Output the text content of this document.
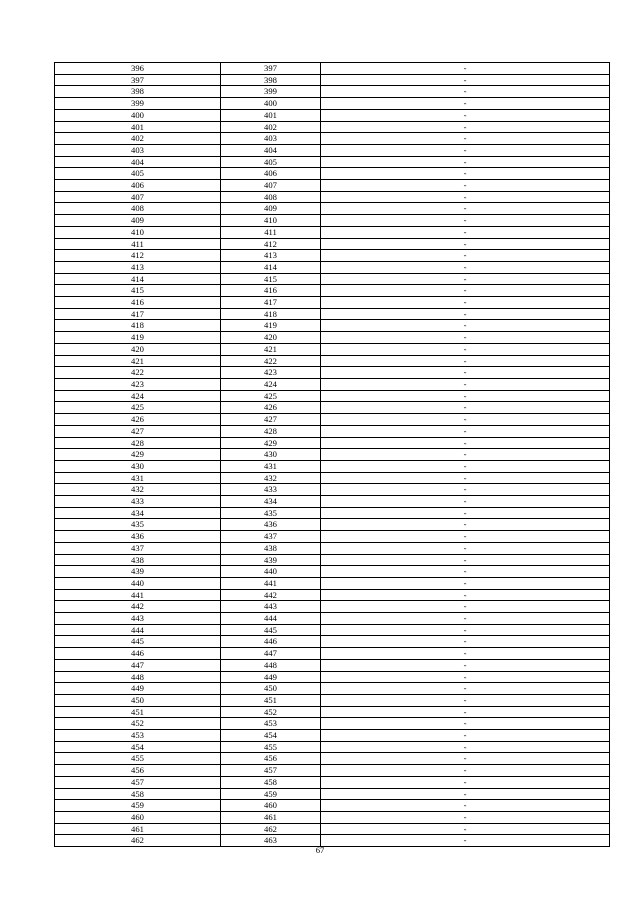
396	397	-
397	398	-
398	399	-
399	400	-
400	401	-
401	402	-
402	403	-
403	404	-
404	405	-
405	406	-
406	407	-
407	408	-
408	409	-
409	410	-
410	411	-
411	412	-
412	413	-
413	414	-
414	415	-
415	416	-
416	417	-
417	418	-
418	419	-
419	420	-
420	421	-
421	422	-
422	423	-
423	424	-
424	425	-
425	426	-
426	427	-
427	428	-
428	429	-
429	430	-
430	431	-
431	432	-
432	433	-
433	434	-
434	435	-
435	436	-
436	437	-
437	438	-
438	439	-
439	440	-
440	441	-
441	442	-
442	443	-
443	444	-
444	445	-
445	446	-
446	447	-
447	448	-
448	449	-
449	450	-
450	451	-
451	452	-
452	453	-
453	454	-
454	455	-
455	456	-
456	457	-
457	458	-
458	459	-
459	460	-
460	461	-
461	462	-
462	463	-
67
